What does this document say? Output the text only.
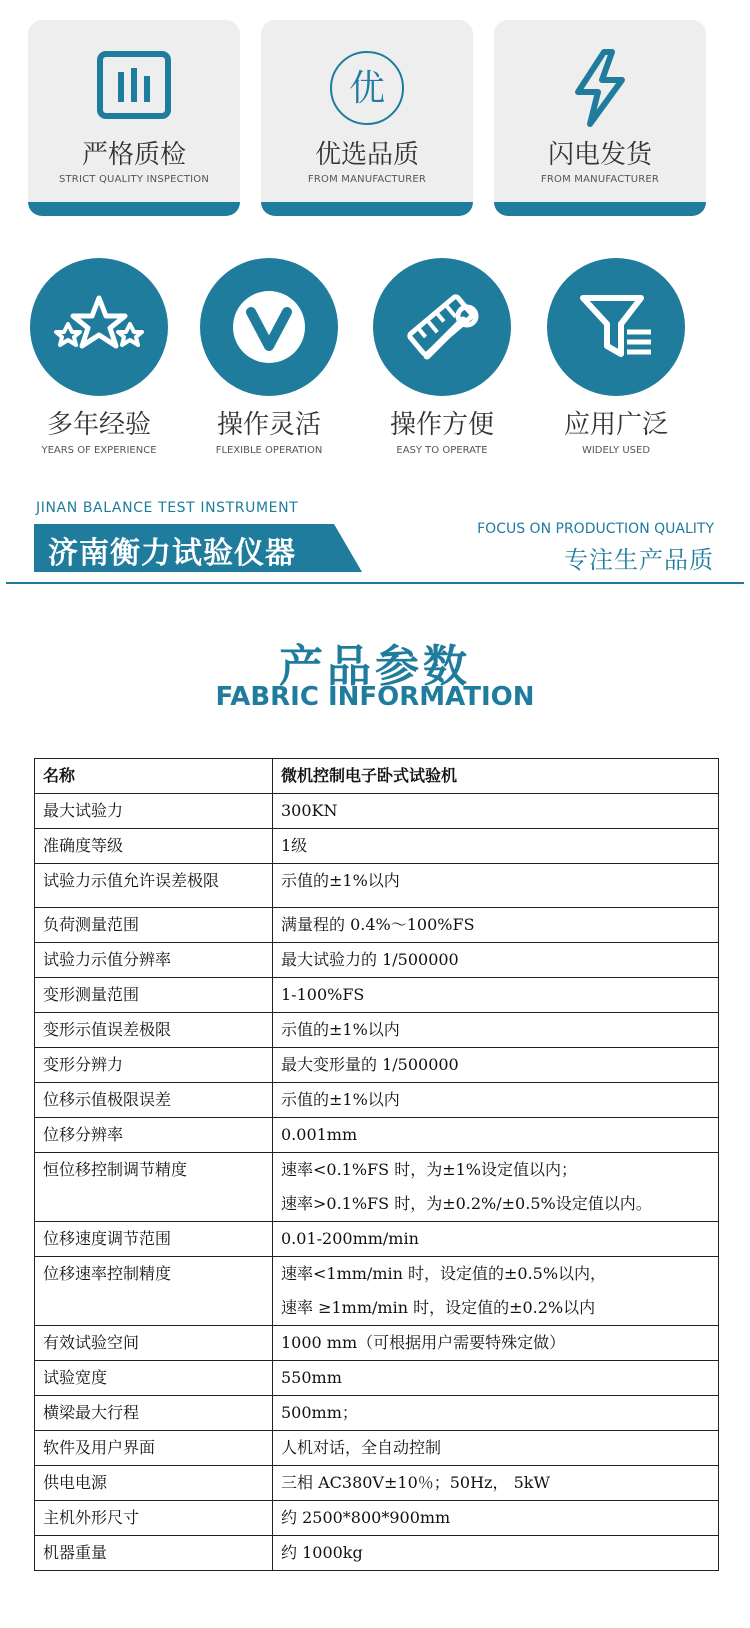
严格质检
STRICT QUALITY INSPECTION
优
优选品质
FROM MANUFACTURER
闪电发货
FROM MANUFACTURER
多年经验
YEARS OF EXPERIENCE
操作灵活
FLEXIBLE OPERATION
操作方便
EASY TO OPERATE
应用广泛
WIDELY USED
JINAN BALANCE TEST INSTRUMENT
济南衡力试验仪器
FOCUS ON PRODUCTION QUALITY
专注生产品质
产品参数
FABRIC INFORMATION
名称	微机控制电子卧式试验机
最大试验力	300KN

准确度等级	1级

试验力示值允许误差极限	示值的±1%以内

负荷测量范围	满量程的 0.4%～100%FS

试验力示值分辨率	最大试验力的 1/500000

变形测量范围	1-100%FS

变形示值误差极限	示值的±1%以内

变形分辨力	最大变形量的 1/500000

位移示值极限误差	示值的±1%以内

位移分辨率	0.001mm

恒位移控制调节精度	速率<0.1%FS 时，为±1%设定值以内；
速率>0.1%FS 时，为±0.2%/±0.5%设定值以内。

位移速度调节范围	0.01-200mm/min

位移速率控制精度	速率<1mm/min 时，设定值的±0.5%以内，
速率 ≥1mm/min 时，设定值的±0.2%以内

有效试验空间	1000 mm（可根据用户需要特殊定做）

试验宽度	550mm

横梁最大行程	500mm；

软件及用户界面	人机对话，全自动控制

供电电源	三相 AC380V±10％；50Hz， 5kW

主机外形尺寸	约 2500*800*900mm

机器重量	约 1000kg
